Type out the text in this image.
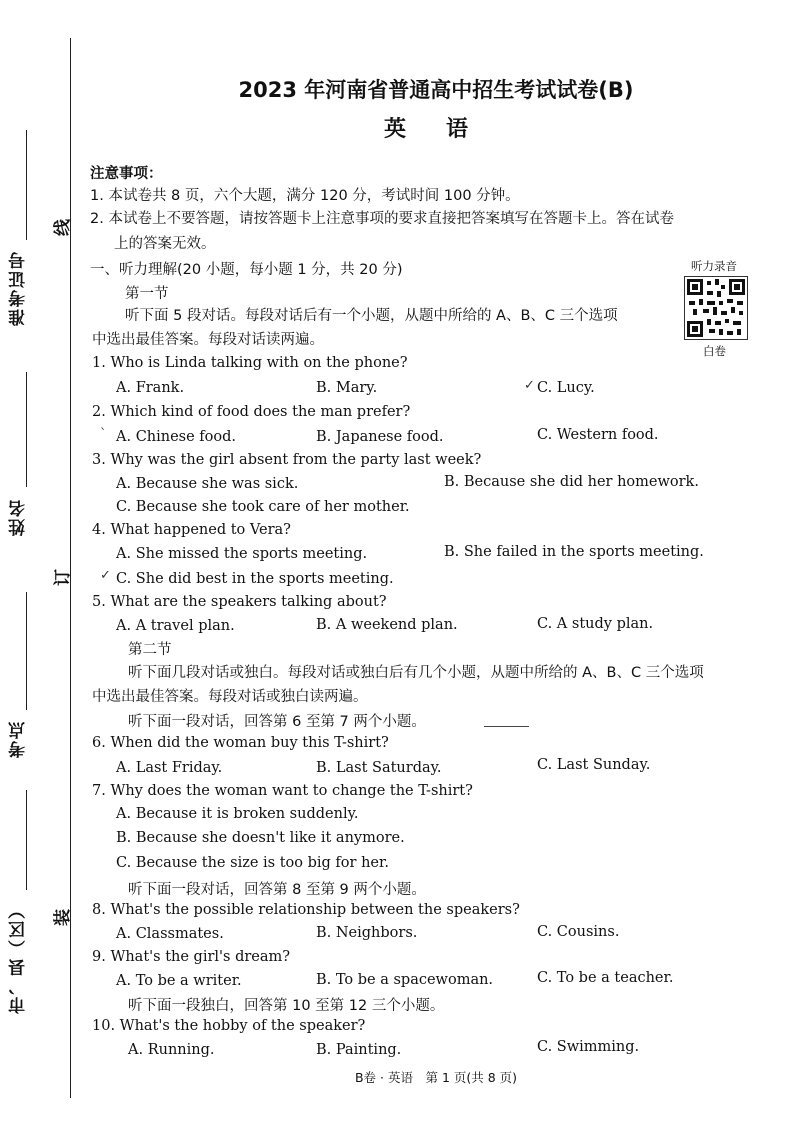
准考证号
姓名
考点
市、县（区）
线
订
装
2023 年河南省普通高中招生考试试卷(B)
英语
注意事项：
1. 本试卷共 8 页，六个大题，满分 120 分，考试时间 100 分钟。
2. 本试卷上不要答题，请按答题卡上注意事项的要求直接把答案填写在答题卡上。答在试卷
上的答案无效。
听力录音
白卷
一、听力理解(20 小题，每小题 1 分，共 20 分)
第一节
听下面 5 段对话。每段对话后有一个小题，从题中所给的 A、B、C 三个选项
中选出最佳答案。每段对话读两遍。
1. Who is Linda talking with on the phone?
A. Frank.	B. Mary.	✓ C. Lucy.
2. Which kind of food does the man prefer?
` A. Chinese food.	B. Japanese food.	C. Western food.
3. Why was the girl absent from the party last week?
A. Because she was sick.	B. Because she did her homework.
C. Because she took care of her mother.
4. What happened to Vera?
A. She missed the sports meeting.	B. She failed in the sports meeting.
✓ C. She did best in the sports meeting.
5. What are the speakers talking about?
A. A travel plan.	B. A weekend plan.	C. A study plan.
第二节
听下面几段对话或独白。每段对话或独白后有几个小题，从题中所给的 A、B、C 三个选项
中选出最佳答案。每段对话或独白读两遍。
听下面一段对话，回答第 6 至第 7 两个小题。
6. When did the woman buy this T-shirt?
A. Last Friday.	B. Last Saturday.	C. Last Sunday.
7. Why does the woman want to change the T-shirt?
A. Because it is broken suddenly.
B. Because she doesn't like it anymore.
C. Because the size is too big for her.
听下面一段对话，回答第 8 至第 9 两个小题。
8. What's the possible relationship between the speakers?
A. Classmates.	B. Neighbors.	C. Cousins.
9. What's the girl's dream?
A. To be a writer.	B. To be a spacewoman.	C. To be a teacher.
听下面一段独白，回答第 10 至第 12 三个小题。
10. What's the hobby of the speaker?
A. Running.	B. Painting.	C. Swimming.
B卷 · 英语　第 1 页(共 8 页)
